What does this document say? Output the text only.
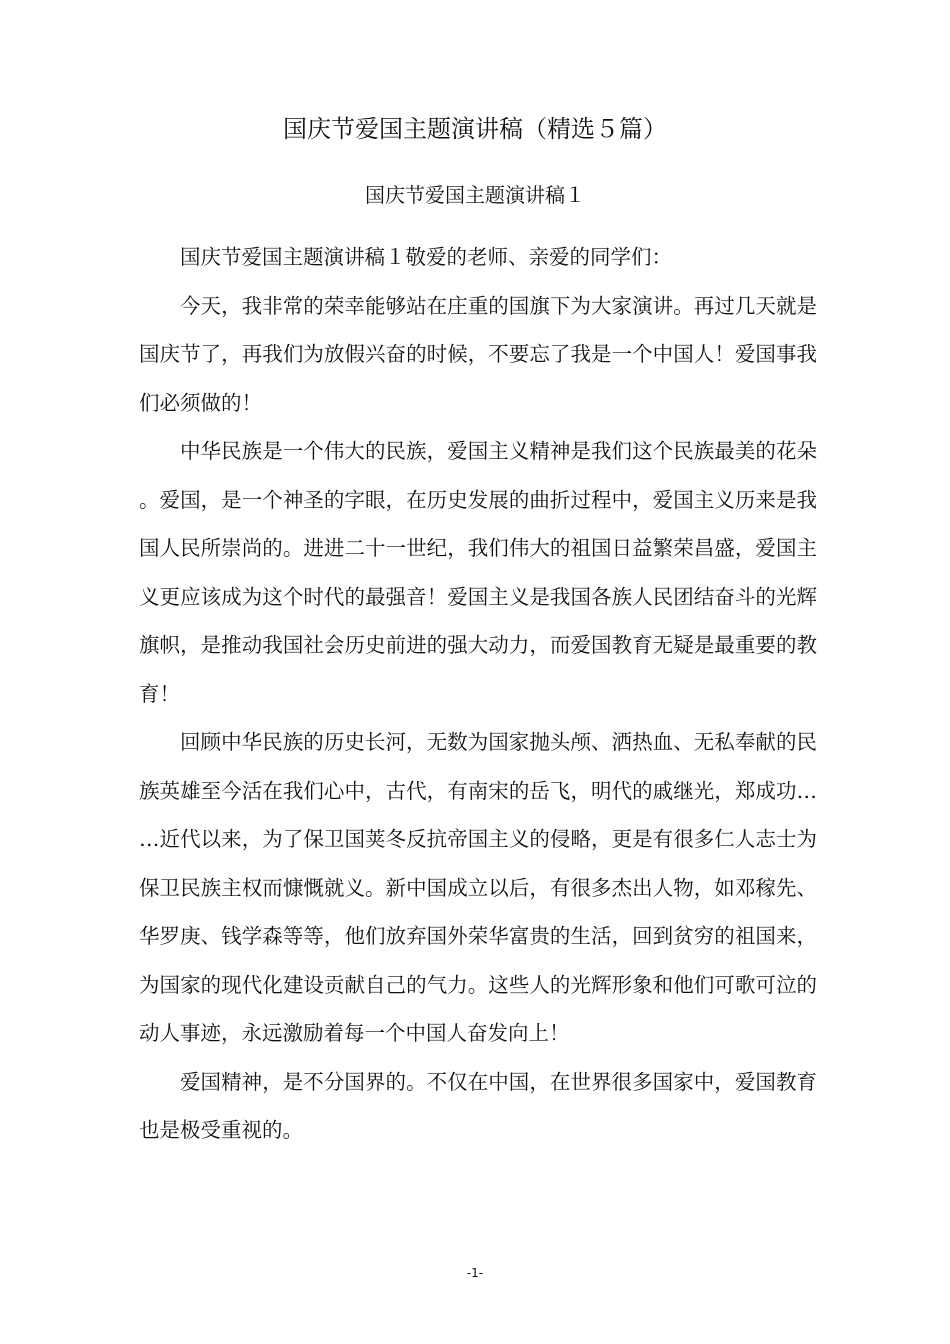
国庆节爱国主题演讲稿（精选５篇）
国庆节爱国主题演讲稿１

国庆节爱国主题演讲稿１敬爱的老师、亲爱的同学们：

今天，我非常的荣幸能够站在庄重的国旗下为大家演讲。再过几天就是国庆节了，再我们为放假兴奋的时候，不要忘了我是一个中国人！爱国事我们必须做的！

中华民族是一个伟大的民族，爱国主义精神是我们这个民族最美的花朵。爱国，是一个神圣的字眼，在历史发展的曲折过程中，爱国主义历来是我国人民所崇尚的。进进二十一世纪，我们伟大的祖国日益繁荣昌盛，爱国主义更应该成为这个时代的最强音！爱国主义是我国各族人民团结奋斗的光辉旗帜，是推动我国社会历史前进的强大动力，而爱国教育无疑是最重要的教育！

回顾中华民族的历史长河，无数为国家抛头颅、洒热血、无私奉献的民族英雄至今活在我们心中，古代，有南宋的岳飞，明代的戚继光，郑成功……近代以来，为了保卫国荚冬反抗帝国主义的侵略，更是有很多仁人志士为保卫民族主权而慷慨就义。新中国成立以后，有很多杰出人物，如邓稼先、华罗庚、钱学森等等，他们放弃国外荣华富贵的生活，回到贫穷的祖国来，为国家的现代化建设贡献自己的气力。这些人的光辉形象和他们可歌可泣的动人事迹，永远激励着每一个中国人奋发向上！

爱国精神，是不分国界的。不仅在中国，在世界很多国家中，爱国教育也是极受重视的。

-1-
